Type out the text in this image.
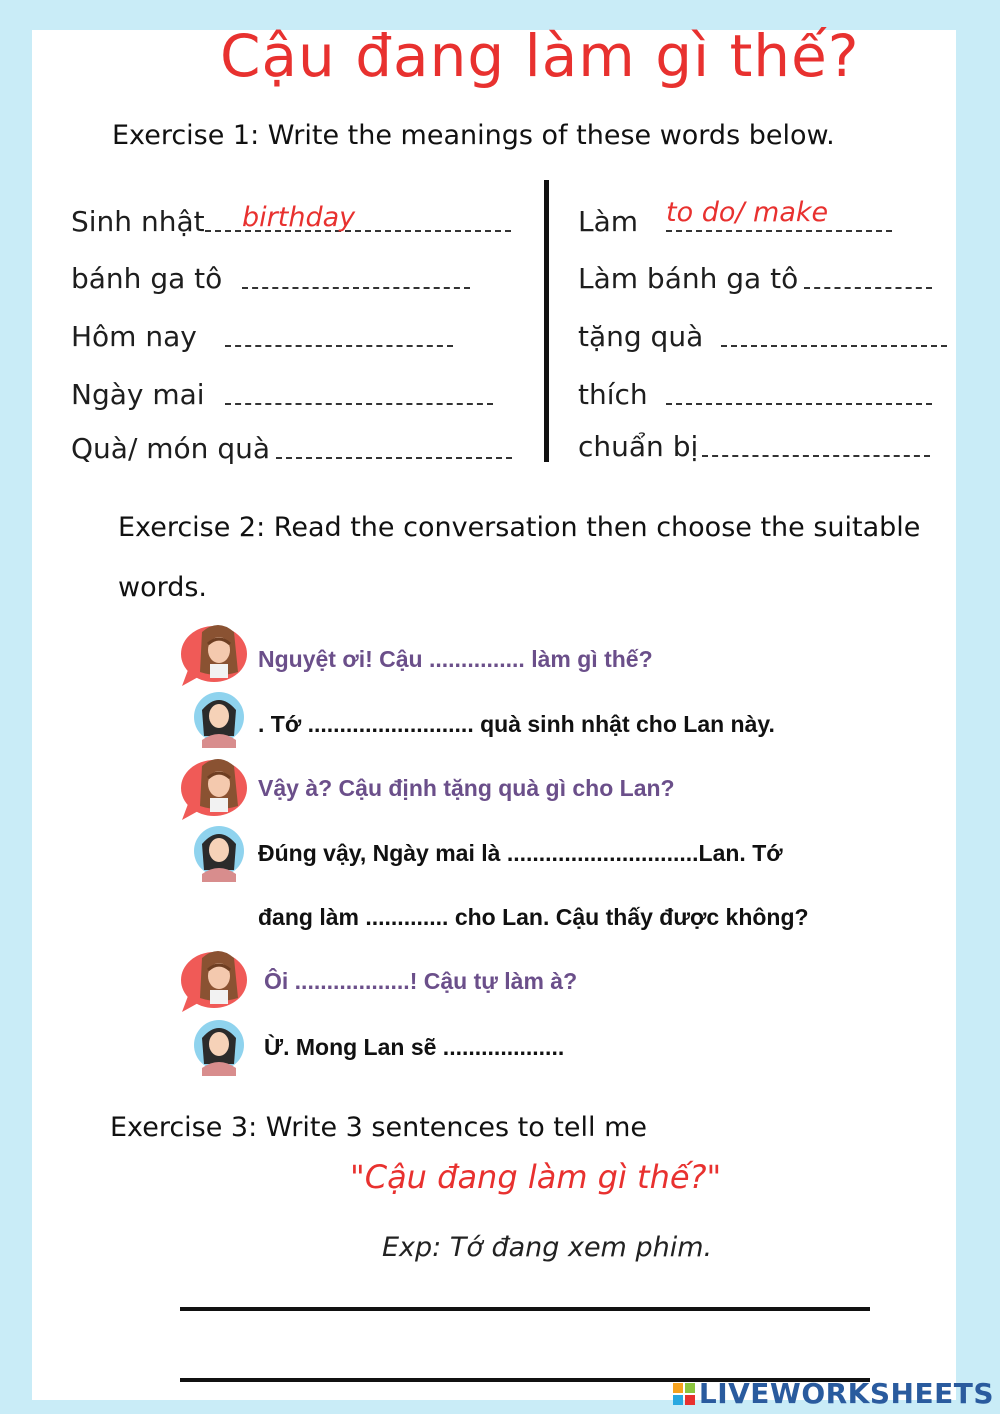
Cậu đang làm gì thế?
Exercise 1: Write the meanings of these words below.
Sinh nhật birthday
bánh ga tô
Hôm nay
Ngày mai
Quà/ món quà
Làm to do/ make
Làm bánh ga tô
tặng quà
thích
chuẩn bị
Exercise 2: Read the conversation then choose the suitable
words.
Nguyệt ơi! Cậu ............... làm gì thế?
. Tớ .......................... quà sinh nhật cho Lan này.
Vậy à? Cậu định tặng quà gì cho Lan?
Đúng vậy, Ngày mai là ..............................Lan. Tớ
đang làm ............. cho Lan. Cậu thấy được không?
Ôi ..................! Cậu tự làm à?
Ừ. Mong Lan sẽ ...................
Exercise 3: Write 3 sentences to tell me
"Cậu đang làm gì thế?"
Exp: Tớ đang xem phim.
LIVEWORKSHEETS
